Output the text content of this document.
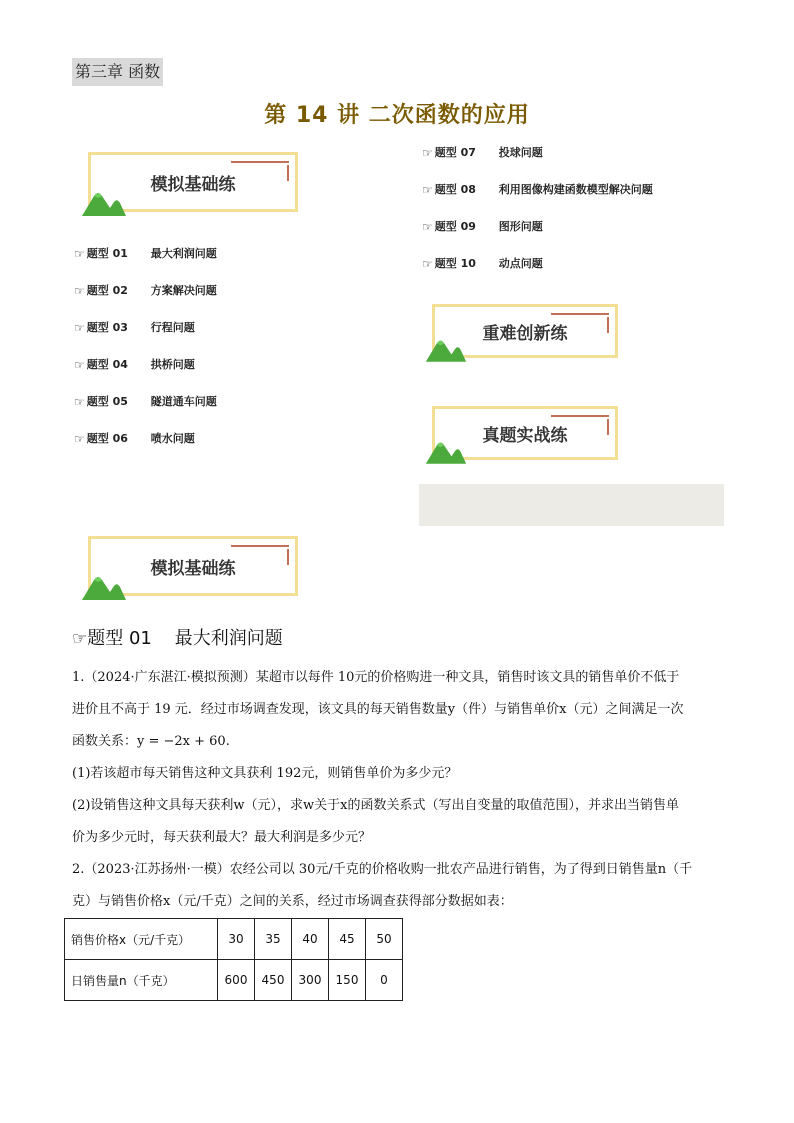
第三章 函数
第 14 讲 二次函数的应用
模拟基础练
☞ 题型 01	最大利润问题
☞ 题型 02	方案解决问题
☞ 题型 03	行程问题
☞ 题型 04	拱桥问题
☞ 题型 05	隧道通车问题
☞ 题型 06	喷水问题
☞ 题型 07	投球问题
☞ 题型 08	利用图像构建函数模型解决问题
☞ 题型 09	图形问题
☞ 题型 10	动点问题
重难创新练
真题实战练
模拟基础练
☞题型 01 最大利润问题
1.（2024·广东湛江·模拟预测）某超市以每件 10元的价格购进一种文具，销售时该文具的销售单价不低于
进价且不高于 19 元．经过市场调查发现，该文具的每天销售数量y（件）与销售单价x（元）之间满足一次
函数关系：y = −2x + 60.
(1)若该超市每天销售这种文具获利 192元，则销售单价为多少元？
(2)设销售这种文具每天获利w（元），求w关于x的函数关系式（写出自变量的取值范围），并求出当销售单
价为多少元时，每天获利最大？最大利润是多少元？
2.（2023·江苏扬州·一模）农经公司以 30元/千克的价格收购一批农产品进行销售，为了得到日销售量n（千
克）与销售价格x（元/千克）之间的关系，经过市场调查获得部分数据如表：
销售价格x（元/千克）	30	35	40	45	50
日销售量n（千克）	600	450	300	150	0
